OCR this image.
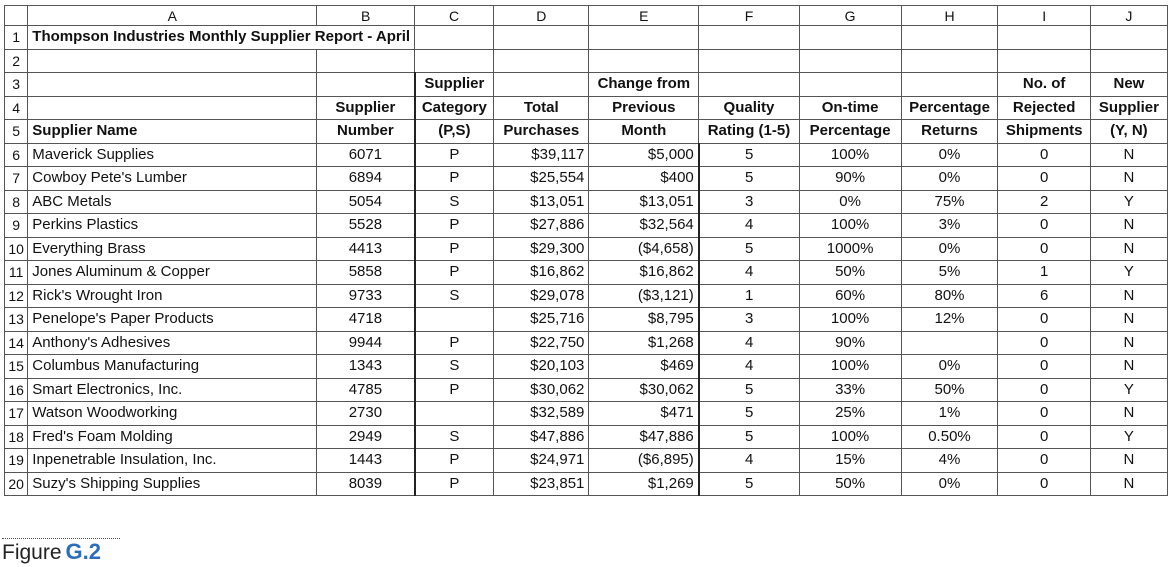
	A	B	C	D	E	F	G	H	I	J
1	Thompson Industries Monthly Supplier Report - April									
2										
3			Supplier		Change from				No. of	New
4		Supplier	Category	Total	Previous	Quality	On-time	Percentage	Rejected	Supplier
5	Supplier Name	Number	(P,S)	Purchases	Month	Rating (1-5)	Percentage	Returns	Shipments	(Y, N)
6	Maverick Supplies	6071	P	$39,117	$5,000	5	100%	0%	0	N
7	Cowboy Pete's Lumber	6894	P	$25,554	$400	5	90%	0%	0	N
8	ABC Metals	5054	S	$13,051	$13,051	3	0%	75%	2	Y
9	Perkins Plastics	5528	P	$27,886	$32,564	4	100%	3%	0	N
10	Everything Brass	4413	P	$29,300	($4,658)	5	1000%	0%	0	N
11	Jones Aluminum & Copper	5858	P	$16,862	$16,862	4	50%	5%	1	Y
12	Rick's Wrought Iron	9733	S	$29,078	($3,121)	1	60%	80%	6	N
13	Penelope's Paper Products	4718		$25,716	$8,795	3	100%	12%	0	N
14	Anthony's Adhesives	9944	P	$22,750	$1,268	4	90%		0	N
15	Columbus Manufacturing	1343	S	$20,103	$469	4	100%	0%	0	N
16	Smart Electronics, Inc.	4785	P	$30,062	$30,062	5	33%	50%	0	Y
17	Watson Woodworking	2730		$32,589	$471	5	25%	1%	0	N
18	Fred's Foam Molding	2949	S	$47,886	$47,886	5	100%	0.50%	0	Y
19	Inpenetrable Insulation, Inc.	1443	P	$24,971	($6,895)	4	15%	4%	0	N
20	Suzy's Shipping Supplies	8039	P	$23,851	$1,269	5	50%	0%	0	N
Figure G.2
